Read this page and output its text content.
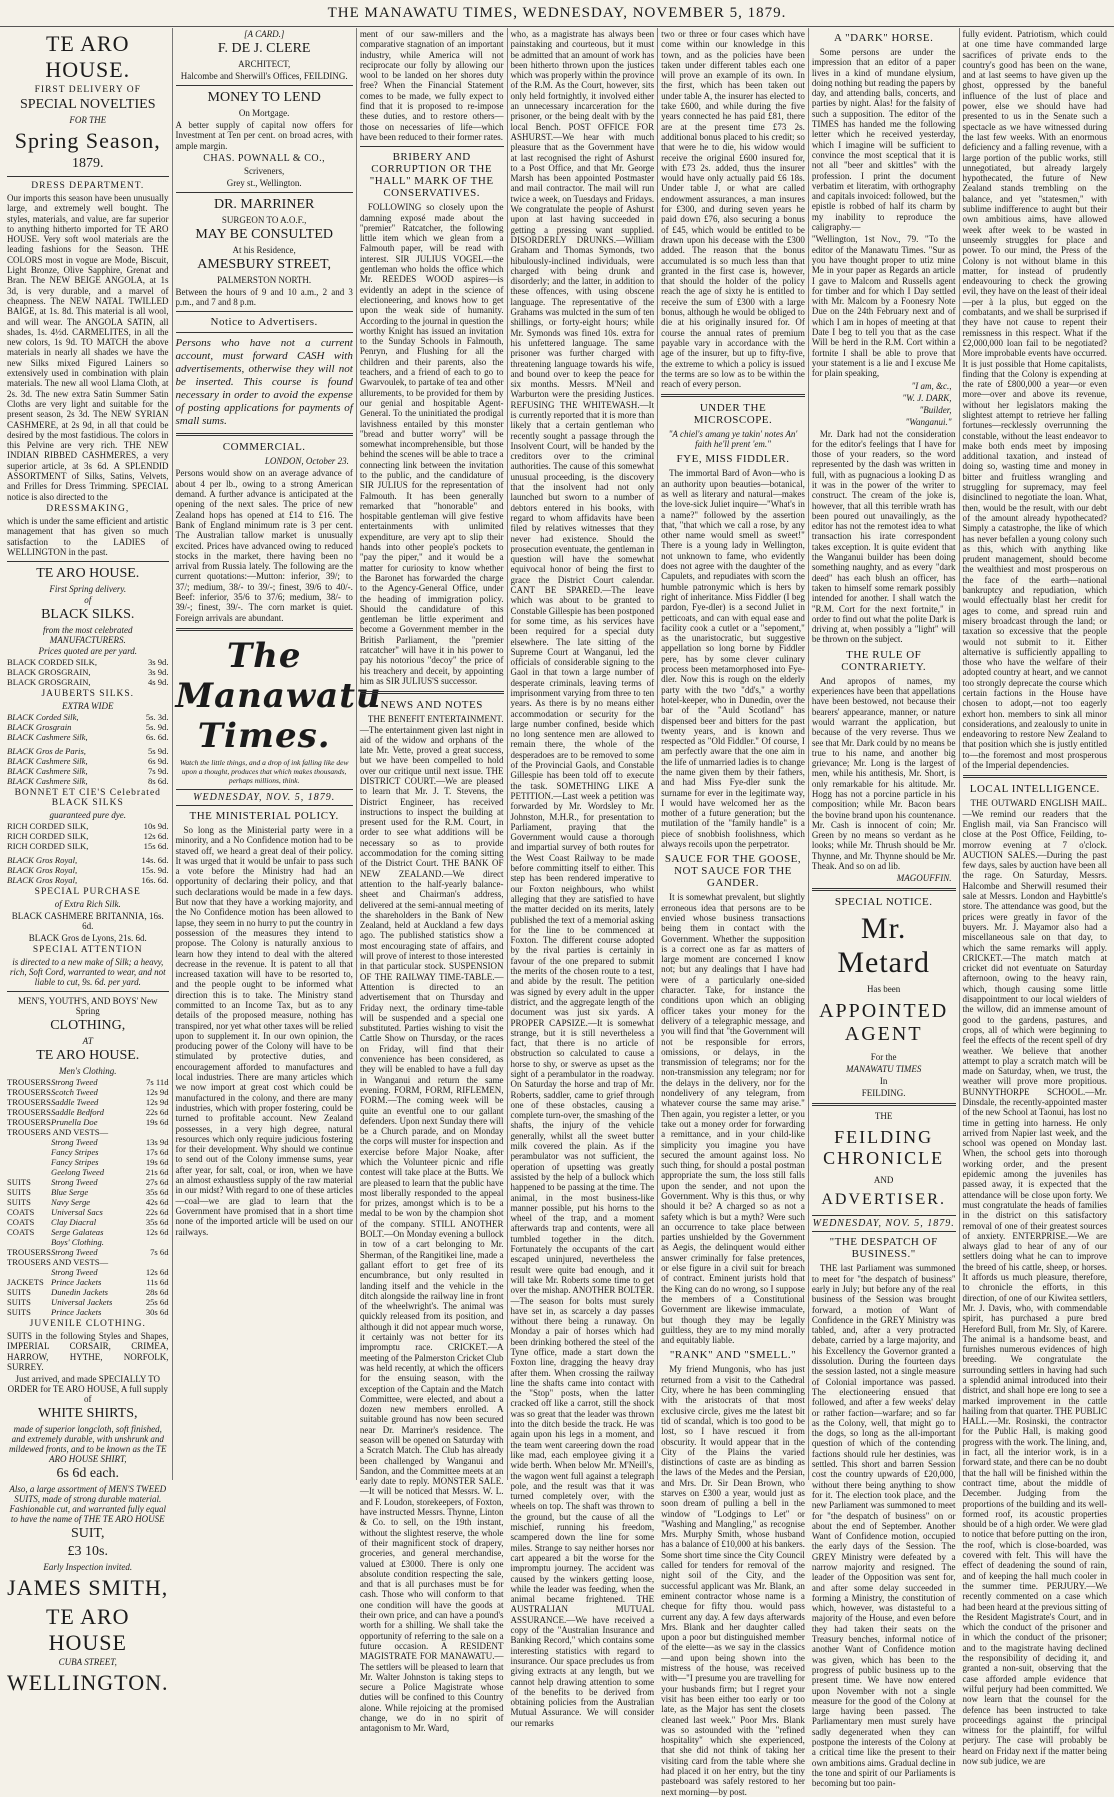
THE MANAWATU TIMES, WEDNESDAY, NOVEMBER 5, 1879.
TE ARO HOUSE.
FIRST DELIVERY OF
SPECIAL NOVELTIES
FOR THE
Spring Season,
1879.
DRESS DEPARTMENT.
Our imports this season have been unusually large, and extremely well bought. The styles, materials, and value, are far superior to anything hitherto imported for TE ARO HOUSE. Very soft wool materials are the leading fashions for the Season. THE COLORS most in vogue are Mode, Biscuit, Light Bronze, Olive Sapphire, Grenat and Bran. The NEW BEIGE ANGOLA, at 1s 3d, is very durable, and a marvel of cheapness. The NEW NATAL TWILLED BAIGE, at 1s. 8d. This material is all wool, and will wear. The ANGOLA SATIN, all shades, 1s. 4½d. CARMELITES, in all the new colors, 1s 9d. TO MATCH the above materials in nearly all shades we have the new Silks mixed Figured Lainers so extensively used in combination with plain materials. The new all wool Llama Cloth, at 2s. 3d. The new extra Satin Summer Satin Cloths are very light and suitable for the present season, 2s 3d. The NEW SYRIAN CASHMERE, at 2s 9d, in all that could be desired by the most fastidious. The colors in this Pelvine are very rich. THE NEW INDIAN RIBBED CASHMERES, a very superior article, at 3s 6d. A SPLENDID ASSORTMENT of Silks, Satins, Velvets, and Frilles for Dress Trimming. SPECIAL notice is also directed to the
DRESSMAKING,
which is under the same efficient and artistic management that has given so much satisfaction to the LADIES of WELLINGTON in the past.
TE ARO HOUSE.
First Spring delivery.
of
BLACK SILKS.
from the most celebrated MANUFACTURERS.
Prices quoted are per yard.
BLACK CORDED SILK,	3s 9d.
BLACK GROSGRAIN,	3s 9d.
BLACK GROSGRAIN,	4s 9d.
JAUBERTS SILKS.
EXTRA WIDE
BLACK Corded Silk,	5s. 3d.
BLACK Grosgrain	5s. 9d.
BLACK Cashmere Silk,	6s. 6d.
BLACK Gros de Paris,	5s 9d.
BLACK Cashmere Silk,	6s 9d.
BLACK Cashmere Silk,	7s 9d.
BLACK Cashmere Silk,	8s 6d.
BONNET ET CIE'S Celebrated BLACK SILKS
guaranteed pure dye.
RICH CORDED SILK,	10s 9d.
RICH CORDED SILK,	12s 6d.
RICH CORDED SILK,	15s 6d.
BLACK Gros Royal,	14s. 6d.
BLACK Gros Royal,	15s. 9d.
BLACK Gros Royal,	16s. 6d.
SPECIAL PURCHASE
of Extra Rich Silk.
BLACK CASHMERE BRITANNIA, 16s. 6d.
BLACK Gros de Lyons, 21s. 6d.
SPECIAL ATTENTION
is directed to a new make of Silk; a heavy, rich, Soft Cord, warranted to wear, and not liable to cut, 9s. 6d. per yard.
MEN'S, YOUTH'S, AND BOYS' New Spring
CLOTHING,
AT
TE ARO HOUSE.
Men's Clothing.
TROUSERS Strong Tweed	7s 11d
TROUSERS Scotch Tweed	12s 9d
TROUSERS Saddle Tweed	12s 9d
TROUSERS Saddle Bedford	22s 6d
TROUSERS Prunella Doe	19s 6d
TROUSERS AND VESTS—
Strong Tweed	13s 9d
Fancy Stripes	17s 6d
Fancy Stripes	19s 6d
Geelong Tweed	21s 6d
SUITS	Strong Tweed	27s 6d
SUITS	Blue Serge	35s 6d
SUITS	Navy Serge	42s 6d
COATS	Universal Sacs	22s 6d
COATS	Clay Diacral	35s 6d
COATS	Serge Galateas	12s 6d
Boys' Clothing.
TROUSERS Strong Tweed	7s 6d
TROUSERS AND VESTS—
Strong Tweed	12s 6d
JACKETS Prince Jackets	11s 6d
SUITS	Dunedin Jackets	28s 6d
SUITS	Universal Jackets	25s 6d
SUITS	Prince Jackets	30s 6d
JUVENILE CLOTHING.
SUITS in the following Styles and Shapes, IMPERIAL CORSAIR, CRIMEA, HARROW, HYTHE, NORFOLK, SURREY.
Just arrived, and made SPECIALLY TO ORDER for TE ARO HOUSE, A full supply of
WHITE SHIRTS,
made of superior longcloth, soft finished, and extremely durable, with unshrunk and mildewed fronts, and to be known as the TE ARO HOUSE SHIRT,
6s 6d each.
Also, a large assortment of MEN'S TWEED SUITS, made of strong durable material. Fashionable cut, and warranted fully equal to have the name of THE TE ARO HOUSE
SUIT,
£3 10s.
Early Inspection invited.
JAMES SMITH,
TE ARO HOUSE
CUBA STREET,
WELLINGTON.
[A CARD.]
F. DE J. CLERE
ARCHITECT,
Halcombe and Sherwill's Offices, FEILDING.
MONEY TO LEND
On Mortgage.
A better supply of capital now offers for Investment at Ten per cent. on broad acres, with ample margin.
CHAS. POWNALL & CO.,
Scriveners,
Grey st., Wellington.
DR. MARRINER
SURGEON TO A.O.F.,
MAY BE CONSULTED
At his Residence,
AMESBURY STREET,
PALMERSTON NORTH.
Between the hours of 9 and 10 a.m., 2 and 3 p.m., and 7 and 8 p.m.
Notice to Advertisers.
Persons who have not a current account, must forward CASH with advertisements, otherwise they will not be inserted. This course is found necessary in order to avoid the expense of posting applications for payments of small sums.
COMMERCIAL.
LONDON, October 23.
Persons would show on an average advance of about 4 per lb., owing to a strong American demand. A further advance is anticipated at the opening of the next sales. The price of new Zealand hops has opened at £14 to £16. The Bank of England minimum rate is 3 per cent. The Australian tallow market is unusually excited. Prices have advanced owing to reduced stocks in the market, there having been no arrival from Russia lately. The following are the current quotations:—Mutton: inferior, 39/; to 37/; medium, 38/- to 39/-; finest, 39/6 to 40/-. Beef: inferior, 35/6 to 37/6; medium, 38/- to 39/-; finest, 39/-. The corn market is quiet. Foreign arrivals are abundant.
The Manawatu Times.
Watch the little things, and a drop of ink falling like dew upon a thought, produces that which makes thousands, perhaps millions, think.
WEDNESDAY, NOV. 5, 1879.
THE MINISTERIAL POLICY.
So long as the Ministerial party were in a minority, and a No Confidence motion had to be staved off, we heard a great deal of their policy. It was urged that it would be unfair to pass such a vote before the Ministry had had an opportunity of declaring their policy, and that such declarations would be made in a few days. But now that they have a working majority, and the No Confidence motion has been allowed to lapse, they seem in no hurry to put the country in possession of the measures they intend to propose. The Colony is naturally anxious to learn how they intend to deal with the altered decrease in the revenue. It is patent to all that increased taxation will have to be resorted to, and the people ought to be informed what direction this is to take. The Ministry stand committed to an Income Tax, but as to any details of the proposed measure, nothing has transpired, nor yet what other taxes will be relied upon to supplement it. In our own opinion, the producing power of the Colony will have to be stimulated by protective duties, and encouragement afforded to manufactures and local industries. There are many articles which we now import at great cost which could be manufactured in the colony, and there are many industries, which with proper fostering, could be turned to profitable account. New Zealand possesses, in a very high degree, natural resources which only require judicious fostering for their development. Why should we continue to send out of the Colony immense sums, year after year, for salt, coal, or iron, when we have an almost exhaustless supply of the raw material in our midst? With regard to one of these articles—coal—we are glad to learn that the Government have promised that in a short time none of the imported article will be used on our railways.
ment of our saw-millers and the comparative stagnation of an important industry, while America will not reciprocate our folly by allowing our wool to be landed on her shores duty free? When the Financial Statement comes to be made, we fully expect to find that it is proposed to re-impose these duties, and to restore others—those on necessaries of life—which have been reduced to their former rates.
BRIBERY AND CORRUPTION OR THE "HALL" MARK OF THE CONSERVATIVES.
FOLLOWING so closely upon the damning exposé made about the "premier" Ratcatcher, the following little item which we glean from a Falmouth paper, will be read with interest. SIR JULIUS VOGEL—the gentleman who holds the office which Mr. REEDES WOOD aspires—is evidently an adept in the science of electioneering, and knows how to get upon the weak side of humanity. According to the journal in question the worthy Knight has issued an invitation to the Sunday Schools in Falmouth, Penryn, and Flushing for all the children and their parents, also the teachers, and a friend of each to go to Gwarvoulek, to partake of tea and other allurements, to be provided for them by our genial and hospitable Agent-General. To the uninitiated the prodigal lavishness entailed by this monster "bread and butter worry" will be somewhat incomprehensible, but those behind the scenes will be able to trace a connecting link between the invitation to the public, and the candidature of SIR JULIUS for the representation of Falmouth. It has been generally remarked that "honorable" and hospitable gentleman will give festive entertainments with unlimited expenditure, are very apt to slip their hands into other people's pockets to "pay the piper," and it would be a matter for curiosity to know whether the Baronet has forwarded the charge to the Agency-General Office, under the heading of immigration policy. Should the candidature of this gentleman be little experiment and become a Government member in the British Parliament, the "premier ratcatcher" will have it in his power to pay his notorious "decoy" the price of his treachery and deceit, by appointing him as SIR JULIUS'S successor.
NEWS AND NOTES
THE BENEFIT ENTERTAINMENT.—The entertainment given last night in aid of the widow and orphans of the late Mr. Vette, proved a great success, but we have been compelled to hold over our critique until next issue. THE DISTRICT COURT.—We are pleased to learn that Mr. J. T. Stevens, the District Engineer, has received instructions to inspect the building at present used for the R.M. Court, in order to see what additions will be necessary so as to provide accommodation for the coming sitting of the District Court. THE BANK OF NEW ZEALAND.—We direct attention to the half-yearly balance-sheet and Chairman's address, delivered at the semi-annual meeting of the shareholders in the Bank of New Zealand, held at Auckland a few days ago. The published statistics show a most encouraging state of affairs, and will prove of interest to those interested in that particular stock. SUSPENSION OF THE RAILWAY TIME-TABLE.—Attention is directed to an advertisement that on Thursday and Friday next, the ordinary time-table will be suspended and a special one substituted. Parties wishing to visit the Cattle Show on Thursday, or the races on Friday, will find that their convenience has been considered, as they will be enabled to have a full day in Wanganui and return the same evening. FORM, FORM, RIFLEMEN, FORM.—The coming week will be quite an eventful one to our gallant defenders. Upon next Sunday there will be a Church parade, and on Monday the corps will muster for inspection and exercise before Major Noake, after which the Volunteer picnic and rifle contest will take place at the Butts. We are pleased to learn that the public have most liberally responded to the appeal for prizes, amongst which is to be a medal to be won by the champion shot of the company. STILL ANOTHER BOLT.—On Monday evening a bullock in tow of a cart belonging to Mr. Sherman, of the Rangitikei line, made a gallant effort to get free of its encumbrance, but only resulted in landing itself and the vehicle in the ditch alongside the railway line in front of the wheelwright's. The animal was quickly released from its position, and although it did not appear much worse, it certainly was not better for its impromptu race. CRICKET.—A meeting of the Palmerston Cricket Club was held recently, at which the officers for the ensuing season, with the exception of the Captain and the Match Committee, were elected, and about a dozen new members enrolled. A suitable ground has now been secured near Dr. Marriner's residence. The season will be opened on Saturday with a Scratch Match. The Club has already been challenged by Wanganui and Sandon, and the Committee meets at an early date to reply. MONSTER SALE.—It will be noticed that Messrs. W. L. and F. Loudon, storekeepers, of Foxton, have instructed Messrs. Thynne, Linton & Co. to sell, on the 19th instant, without the slightest reserve, the whole of their magnificent stock of drapery, groceries, and general merchandise, valued at £3000. There is only one absolute condition respecting the sale, and that is all purchases must be for cash. Those who will conform to that one condition will have the goods at their own price, and can have a pound's worth for a shilling. We shall take the opportunity of referring to the sale on a future occasion. A RESIDENT MAGISTRATE FOR MANAWATU.—The settlers will be pleased to learn that Mr. Walter Johnston is taking steps to secure a Police Magistrate whose duties will be confined to this Country alone. While rejoicing at the promised change, we do in no spirit of antagonism to Mr. Ward,
who, as a magistrate has always been painstaking and courteous, but it must be admitted that an amount of work has been hitherto thrown upon the justices which was properly within the province of the R.M. As the Court, however, sits only held fortnightly, it involved either an unnecessary incarceration for the prisoner, or the being dealt with by the local Bench. POST OFFICE FOR ASHURST.—We hear with much pleasure that as the Government have at last recognised the right of Ashurst to a Post Office, and that Mr. George Marsh has been appointed Postmaster and mail contractor. The mail will run twice a week, on Tuesdays and Fridays. We congratulate the people of Ashurst upon at last having succeeded in getting a pressing want supplied. DISORDERLY DRUNKS.—William Graham and Thomas Symonds, two hibulously-inclined individuals, were charged with being drunk and disorderly; and the latter, in addition to these offences, with using obscene language. The representative of the Grahams was mulcted in the sum of ten shillings, or forty-eight hours; while Mr. Symonds was fined 10s. extra for his unfettered language. The same prisoner was further charged with threatening language towards his wife, and bound over to keep the peace for six months. Messrs. M'Neil and Warburton were the presiding Justices. REFUSING THE WHITEWASH.—It is currently reported that it is more than likely that a certain gentleman who recently sought a passage through the Insolvent Court, will be handed by the creditors over to the criminal authorities. The cause of this somewhat unusual proceeding, is the discovery that the insolvent had not only launched but sworn to a number of debtors entered in his books, with regard to whom affidavits have been filed by relatives witnesses that they never had existence. Should the prosecution eventuate, the gentleman in question will have the somewhat equivocal honor of being the first to grace the District Court calendar. CANT BE SPARED.—The leave which was about to be granted to Constable Gillespie has been postponed for some time, as his services have been required for a special duty elsewhere. The late sitting of the Supreme Court at Wanganui, led the officials of considerable signing to the Gaol in that town a large number of desperate criminals, leaving terms of imprisonment varying from three to ten years. As there is by no means either accommodation or security for the large number confined, beside which no long sentence men are allowed to remain there, the whole of the desperadoes are to be removed to some of the Provincial Gaols, and Constable Gillespie has been told off to execute the task. SOMETHING LIKE A PETITION.—Last week a petition was forwarded by Mr. Wordsley to Mr. Johnston, M.H.R., for presentation to Parliament, praying that the Government would cause a thorough and impartial survey of both routes for the West Coast Railway to be made before committing itself to either. This step has been rendered imperative to our Foxton neighbours, who whilst alleging that they are satisfied to have the matter decided on its merits, lately published the text of a memorial asking for the line to be commenced at Foxton. The different course adopted by the rival parties is certainly in favour of the one prepared to submit the merits of the chosen route to a test, and abide by the result. The petition was signed by every adult in the upper district, and the aggregate length of the document was just six yards. A PROPER CAPSIZE.—It is somewhat strange, but it is still nevertheless a fact, that there is no article of obstruction so calculated to cause a horse to shy, or swerve as upset as the sight of a perambulator in the roadway. On Saturday the horse and trap of Mr. Roberts, saddler, came to grief through one of these obstacles, causing a complete turn-over, the smashing of the shafts, the injury of the vehicle generally, whilst all the sweet butter milk covered the plain. As if the perambulator was not sufficient, the operation of upsetting was greatly assisted by the help of a bullock which happened to be passing at the time. The animal, in the most business-like manner possible, put his horns to the wheel of the trap, and a moment afterwards trap and contents, were all tumbled together in the ditch. Fortunately the occupants of the cart escaped uninjured, nevertheless the result were quite bad enough, and it will take Mr. Roberts some time to get over the mishap. ANOTHER BOLTER.—The season for bolts must surely have set in, as scarcely a day passes without there being a runaway. On Monday a pair of horses which had been drinking bothered the steel of the Tyne office, made a start down the Foxton line, dragging the heavy dray after them. When crossing the railway line the shafts came into contact with the "Stop" posts, when the latter cracked off like a carrot, still the shock was so great that the leader was thrown into the ditch beside the track. He was again upon his legs in a moment, and the team went careering down the road like mad, each employee giving it a wide berth. When below Mr. M'Neill's, the wagon went full against a telegraph pole, and the result was that it was turned completely over, with the wheels on top. The shaft was thrown to the ground, but the cause of all the mischief, running his freedom, scampered down the line for some miles. Strange to say neither horses nor cart appeared a bit the worse for the impromptu journey. The accident was caused by the winkers getting loose, while the leader was feeding, when the animal became frightened. THE AUSTRALIAN MUTUAL ASSURANCE.—We have received a copy of the "Australian Insurance and Banking Record," which contains some interesting statistics with regard to insurance. Our space precludes us from giving extracts at any length, but we cannot help drawing attention to some of the benefits to be derived from obtaining policies from the Australian Mutual Assurance. We will consider our remarks
two or three or four cases which have come within our knowledge in this town, and as the policies have been taken under different tables each one will prove an example of its own. In the first, which has been taken out under table A, the insurer has elected to take £600, and while during the five years connected he has paid £81, there are at the present time £73 2s. additional bonus placed to his credit; so that were he to die, his widow would receive the original £600 insured for, with £73 2s. added, thus the insurer would have only actually paid £6 18s. Under table J, or what are called endowment assurances, a man insures for £300, and during seven years he paid down £76, also securing a bonus of £45, which would be entitled to be drawn upon his decease with the £300 added. The reason that the bonus accumulated is so much less than that granted in the first case is, however, that should the holder of the policy reach the age of sixty he is entitled to receive the sum of £300 with a large bonus, although he would be obliged to die at his originally insured for. Of course the annual rates of premium payable vary in accordance with the age of the insurer, but up to fifty-five, the extreme to which a policy is issued the terms are so low as to be within the reach of every person.
UNDER THE MICROSCOPE.
"A chiel's amang ye takin' notes An' faith he'll prent 'em."
FYE, MISS FIDDLER.
The immortal Bard of Avon—who is an authority upon beauties—botanical, as well as literary and natural—makes the love-sick Juliet inquire—"What's in a name?" followed by the assertion that, "that which we call a rose, by any other name would smell as sweet!" There is a young lady in Wellington, not unknown to fame, who evidently does not agree with the daughter of the Capulets, and repudiates with scorn the humble patronymic which is hers by right of inheritance. Miss Fiddler (I beg pardon, Fye-dler) is a second Juliet in petticoats, and can with equal ease and facility cook a cutlet or a "sepoment," as the unaristocratic, but suggestive appellation so long borne by Fiddler pere, has by some clever culinary process been metamorphosed into Fye-dler. Now this is rough on the elderly party with the two "dd's," a worthy hotel-keeper, who in Dunedin, over the bar of the "Auld Scotland" has dispensed beer and bitters for the past twenty years, and is known and respected as "Old Fiddler." Of course, I am perfectly aware that the one aim in the life of unmarried ladies is to change the name given them by their fathers, and had Miss Fye-dler sunk the surname for ever in the legitimate way, I would have welcomed her as the mother of a future generation; but the mutilation of the "family handle" is a piece of snobbish foolishness, which always recoils upon the perpetrator.
SAUCE FOR THE GOOSE, NOT SAUCE FOR THE GANDER.
It is somewhat prevalent, but slightly erroneous idea that persons are to be envied whose business transactions being them in contact with the Government. Whether the supposition is a correct one as far as matters of large moment are concerned I know not; but any dealings that I have had were of a particularly one-sided character. Take, for instance the conditions upon which an obliging officer takes your money for the delivery of a telegraphic message, and you will find that "the Government will not be responsible for errors, omissions, or delays, in the transmission of telegrams; nor for the non-transmission any telegram; nor for the delays in the delivery, nor for the nondelivery of any telegram, from whatever course the same may arise." Then again, you register a letter, or you take out a money order for forwarding a remittance, and in your child-like simplicity you imagine you have secured the amount against loss. No such thing, for should a postal postman appropriate the sum, the loss still falls upon the sender, and not upon the Government. Why is this thus, or why should it be? A charged so as not a safety which is but a myth? Were such an occurrence to take place between parties unshielded by the Government as Aegis, the delinquent would either answer criminally for false pretences, or else figure in a civil suit for breach of contract. Eminent jurists hold that the King can do no wrong, so I suppose the members of a Constitutional Government are likewise immaculate, but though they may be legally guiltless, they are to my mind morally and equitably liable.
"RANK" AND "SMELL."
My friend Mungonis, who has just returned from a visit to the Cathedral City, where he has been commingling with the aristocrats of that most exclusive circle, gives me the latest bit tid of scandal, which is too good to be lost, so I have rescued it from obscurity. It would appear that in the City of the Plains the varied distinctions of caste are as binding as the laws of the Medes and the Persian, and Mrs. Dr. Sir Dean Brown, who starves on £300 a year, would just as soon dream of pulling a bell in the window of "Lodgings to Let" or "Washing and Mangling," as recognise Mrs. Murphy Smith, whose husband has a balance of £10,000 at his bankers. Some short time since the City Council called for tenders for removal of the night soil of the City, and the successful applicant was Mr. Blank, an eminent contractor whose name is a cheque for fifty thou. would pass current any day. A few days afterwards Mrs. Blank and her daughter called upon a poor but distinguished member of the elette—as we say in the classics—and upon being shown into the mistress of the house, was received with—"I presume you are travelling for your husbands firm; but I regret your visit has been either too early or too late, as the Major has sent the closets cleaned last week." Poor Mrs. Blank was so astounded with the "refined hospitality" which she experienced, that she did not think of taking her visiting card from the table where she had placed it on her entry, but the tiny pasteboard was safely restored to her next morning—by post.
A "DARK" HORSE.
Some persons are under the impression that an editor of a paper lives in a kind of mundane elysium, doing nothing but reading the papers by day, and attending balls, concerts, and parties by night. Alas! for the falsity of such a supposition. The editor of the TIMES has handed me the following letter which he received yesterday, which I imagine will be sufficient to convince the most sceptical that it is not all "beer and skittles" with the profession. I print the document verbatim et literatim, with orthography and capitals invoiced: followed, but the epistle is robbed of half its charm by my inability to reproduce the caligraphy.—
"Wellington, 1st Nov., 79. "To the editor of the Manawatu Times. "Sur as you have thought proper to utiz mine Me in your paper as Regards an article I gave to Malcom and Russells agent for timber and for which I Day settled with Mr. Malcom by a Foonesry Note Due on the 24th February next and of which I am in hopes of meeting at that Date I beg to tell you that as the case Will be herd in the R.M. Cort within a fortnite I shall be able to prove that your statement is a lie and I excuse Me for plain speaking,
"I am, &c.,
"W. J. DARK,
"Builder,
"Wanganui."
Mr. Dark had not the consideration for the editor's feelings that I have for those of your readers, so the word represented by the dash was written in full, with as pugnacious a looking D as it was in the power of the writer to construct. The cream of the joke is, however, that all this terrible wrath has been poured out unavailingly, as the editor has not the remotest idea to what transaction his irate correspondent takes exception. It is quite evident that the Wanganui builder has been doing something naughty, and as every "dark deed" has each blush an officer, has taken to himself some remark possibly intended for another. I shall watch the "R.M. Cort for the next fortnite," in order to find out what the polite Dark is driving at, when possibly a "light" will be thrown on the subject.
THE RULE OF CONTRARIETY.
And apropos of names, my experiences have been that appellations have been bestowed, not because their bearers' appearance, manner, or nature would warrant the application, but because of the very reverse. Thus we see that Mr. Dark could by no means be true to his name, and another big grievance; Mr. Long is the largest of men, while his antithesis, Mr. Short, is only remarkable for his altitude. Mr. Hogg has not a porcine particle in his composition; while Mr. Bacon bears the bovine brand upon his countenance. Mr. Cash is innocent of coin; Mr. Green by no means so verdant as he looks; while Mr. Thrush should be Mr. Thynne, and Mr. Thynne should be Mr. Theak. And so on ad lib.
MAGOUFFIN.
SPECIAL NOTICE.
Mr. Metard
Has been
APPOINTED AGENT
For the
MANAWATU TIMES
In
FEILDING.
THE
FEILDING CHRONICLE
AND
ADVERTISER.
WEDNESDAY, NOV. 5, 1879.
"THE DESPATCH OF BUSINESS."
THE last Parliament was summoned to meet for "the despatch of business" early in July; but before any of the real business of the Session was brought forward, a motion of Want of Confidence in the GREY Ministry was tabled, and, after a very protracted debate, carried by a large majority, and his Excellency the Governor granted a dissolution. During the fourteen days the session lasted, not a single measure of Colonial importance was passed. The electioneering ensued that followed, and after a few weeks' delay or rather faction—warfare; and so far as the Colony, well, that might go to the dogs, so long as the all-important question of which of the contending factions should rule her destinies, was settled. This short and barren Session cost the country upwards of £20,000, without there being anything to show for it. The election took place, and the new Parliament was summoned to meet for "the despatch of business" on or about the end of September. Another Want of Confidence motion, occupied the early days of the Session. The GREY Ministry were defeated by a narrow majority and resigned. The leader of the Opposition was sent for, and after some delay succeeded in forming a Ministry, the constitution of which, however, was distasteful to a majority of the House, and even before they had taken their seats on the Treasury benches, informal notice of another Want of Confidence motion was given, which has been to the progress of public business up to the present time. We have now entered upon November with not a single measure for the good of the Colony at large having been passed. The Parliamentary men must surely have sadly degenerated when they can postpone the interests of the Colony at a critical time like the present to their own ambitions aims. Gradual decline in the tone and spirit of our Parliaments is becoming but too pain-
fully evident. Patriotism, which could at one time have commanded large sacrifices of private ends to the country's good has been on the wane, and at last seems to have given up the ghost, oppressed by the baneful influence of the lust of place and power, else we should have had presented to us in the Senate such a spectacle as we have witnessed during the last few weeks. With an enormous deficiency and a falling revenue, with a large portion of the public works, still unnegotiated, but already largely hypothecated, the future of New Zealand stands trembling on the balance, and yet "statesmen," with sublime indifference to aught but their own ambitious aims, have allowed week after week to be wasted in unseemly struggles for place and power. To our mind, the Press of the Colony is not without blame in this matter, for instead of prudently endeavouring to check the growing evil, they have on the least of their ideal—per à la plus, but egged on the combatants, and we shall be surprised if they have not cause to repent their remissness in this respect. What if the £2,000,000 loan fail to be negotiated? More improbable events have occurred. It is just possible that Home capitalists, finding that the Colony is expending at the rate of £800,000 a year—or even more—over and above its revenue, without her legislators making the slightest attempt to retrieve her falling fortunes—recklessly overrunning the constable, without the least endeavor to make both ends meet by imposing additional taxation, and instead of doing so, wasting time and money in bitter and fruitless wrangling and struggling for supremacy, may feel disinclined to negotiate the loan. What, then, would be the result, with our debt of the amount already hypothecated? Simply a catastrophe, the like of which has never befallen a young colony such as this, which with anything like prudent management, should become the wealthiest and most prosperous on the face of the earth—national bankruptcy and repudiation, which would effectually blast her credit for ages to come, and spread ruin and misery broadcast through the land; or taxation so excessive that the people would not submit to it. Either alternative is sufficiently appalling to those who have the welfare of their adopted country at heart, and we cannot too strongly deprecate the course which certain factions in the House have chosen to adopt,—not too eagerly exhort hon. members to sink all minor considerations, and zealously to unite in endeavoring to restore New Zealand to that position which she is justly entitled to—the foremost and most prosperous of the Imperial dependencies.
LOCAL INTELLIGENCE.
THE OUTWARD ENGLISH MAIL.—We remind our readers that the English mail, via San Francisco will close at the Post Office, Feilding, to-morrow evening at 7 o'clock. AUCTION SALES.—During the past few days, sales by auction have been all the rage. On Saturday, Messrs. Halcombe and Sherwill resumed their sale at Messrs. London and Haybittle's store. The attendance was good, but the prices were greatly in favor of the buyers. Mr. J. Mayamor also had a miscellaneous sale on that day, to which the same remarks will apply. CRICKET.—The match match at cricket did not eventuate on Saturday afternoon, owing to the heavy rain, which, though causing some little disappointment to our local wielders of the willow, did an immense amount of good to the gardens, pastures, and crops, all of which were beginning to feel the effects of the recent spell of dry weather. We believe that another attempt to play a scratch match will be made on Saturday, when, we trust, the weather will prove more propitious. BUNNYTHORPE SCHOOL.—Mr. Dinsdale, the recently-appointed master of the new School at Taonui, has lost no time in getting into harness. He only arrived from Napier last week, and the school was opened on Monday last. When, the school gets into thorough working order, and the present epidemic among the juveniles has passed away, it is expected that the attendance will be close upon forty. We must congratulate the heads of families in the district on this satisfactory removal of one of their greatest sources of anxiety. ENTERPRISE.—We are always glad to hear of any of our settlers doing what he can to improve the breed of his cattle, sheep, or horses. It affords us much pleasure, therefore, to chronicle the efforts, in this direction, of one of our Kiwitea settlers, Mr. J. Davis, who, with commendable spirit, has purchased a pure bred Hereford Bull, from Mr. Sly, of Karere. The animal is a handsome beast, and furnishes numerous evidences of high breeding. We congratulate the surrounding settlers in having had such a splendid animal introduced into their district, and shall hope ere long to see a marked improvement in the cattle hailing from that quarter. THE PUBLIC HALL.—Mr. Rosinski, the contractor for the Public Hall, is making good progress with the work. The lining, and, in fact, all the interior work, is in a forward state, and there can be no doubt that the hall will be finished within the contract time, about the middle of December. Judging from the proportions of the building and its well-formed roof, its acoustic properties should be of a high order. We were glad to notice that before putting on the iron, the roof, which is close-boarded, was covered with felt. This will have the effect of deadening the sound of rain, and of keeping the hall much cooler in the summer time. PERJURY.—We recently commented on a case which had been heard at the previous sitting of the Resident Magistrate's Court, and in which the conduct of the prisoner and in which the conduct of the prisoner; and to the magistrate having declined the responsibility of deciding it, and granted a non-suit, observing that the case afforded ample evidence that wilful perjury had been committed. We now learn that the counsel for the defence has been instructed to take proceedings against the principal witness for the plaintiff, for wilful perjury. The case will probably be heard on Friday next if the matter being now sub judice, we are
